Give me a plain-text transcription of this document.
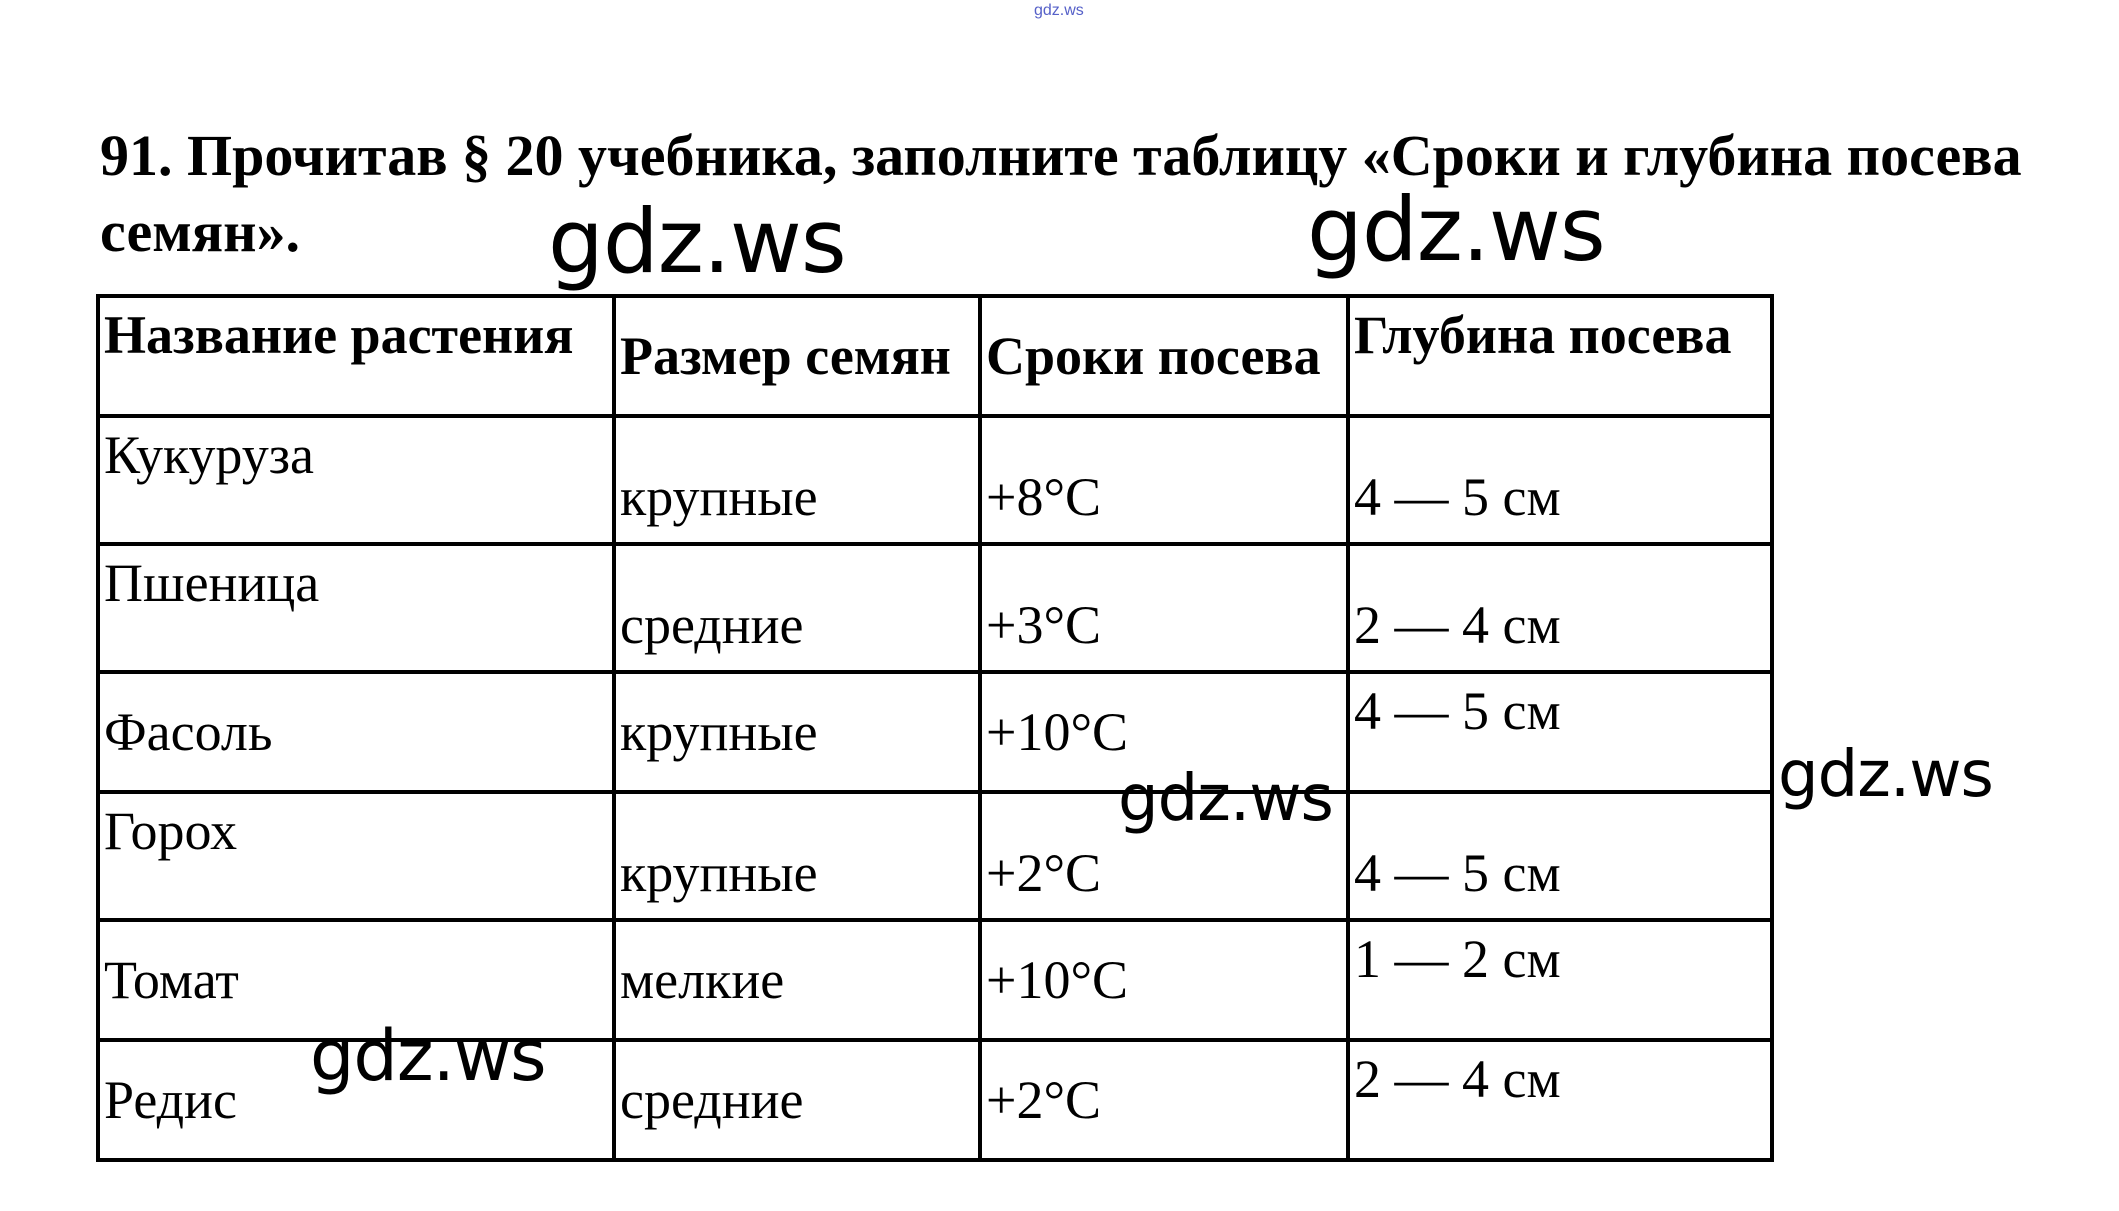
gdz.ws
91. Прочитав § 20 учебника, заполните таблицу «Сроки и глубина посева семян».
Название растения	Размер семян	Сроки посева	Глубина посева
Кукуруза	крупные	+8°С	4 — 5 см
Пшеница	средние	+3°С	2 — 4 см
Фасоль	крупные	+10°С	4 — 5 см
Горох	крупные	+2°С	4 — 5 см
Томат	мелкие	+10°С	1 — 2 см
Редис	средние	+2°С	2 — 4 см
gdz.ws	gdz.ws
gdz.ws	gdz.ws
gdz.ws
